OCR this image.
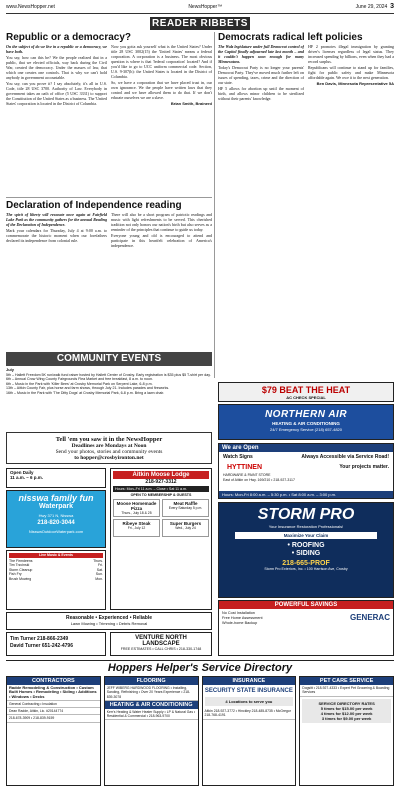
www.NewsHopper.net	NewsHopper™	June 29, 2024 3
READER RIBBETS
Republic or a democracy?

On the subject of do we live in a republic or a democracy, we have both.

You say, how can this be? We the people realized that in a public, that we elected officials, way back during the Civil War, created the democracy. Under the masses of law, that which one creates one controls. That is why we can't hold anybody in government accountable.

You say, can you prove it? I say absolutely, it's all in U.S. Code, title 28 USC 3700. Authority of Law. Everybody in government takes an oath of office (5 USC 3331) to support the Constitution of the United States as a business. The 'United States' corporation is located in the District of Columbia.

Now you gotta ask yourself what is the United States? Under title 28 USC 3002(15) the 'United States' means a federal corporation. A corporation is a business. The most obvious question is where is that 'federal corporation' located? And if you'd like to go to UCC uniform commercial code. Section, U.S. 9-307(h): the United States is located in the District of Columbia.

So, we have a corporation that we have placed trust in, our own ignorance. We the people have written laws that they control and we have allowed them to do that. If we don't educate ourselves we are a slave.

Brian Smith, Brainerd
Democrats radical left policies

The Walz legislature under full Democrat control of the Capitol finally adjourned late last month – and it couldn't happen soon enough for many Minnesotans.

Today's Democrat Party is no longer your parents' Democrat Party. They've moved much further left on issues of spending, taxes, crime and the direction of our state.

HF 5 allows for abortion up until the moment of birth, and allows minor children to be sterilized without their parents' knowledge.

HF 2 promotes illegal immigration by granting driver's licenses regardless of legal status. They increased spending by billions, even when they had a record surplus.

Republicans will continue to stand up for families, fight for public safety and make Minnesota affordable again. We owe it to the next generation.

Ben Davis, Minnesota Representative 5A
Declaration of Independence reading

The spirit of liberty will resonate once again at Fairfield Lake Park as the community gathers for the annual Reading of the Declaration of Independence.

Mark your calendars for Thursday, July 4 at 9:00 a.m. to commemorate the historic moment when our forefathers declared its independence from colonial rule.

There will also be a short program of patriotic readings and music with light refreshments to be served. This cherished tradition not only honors our nation's birth but also serves as a reminder of the principles that continue to guide us today.

Everyone young and old is encouraged to attend and participate in this heartfelt celebration of America's independence.

COMMUNITY EVENTS
July
5th – Hallett Freedom 5K run/walk fund raiser hosted by Hallett Center of Crosby. Early registration is $35 plus $5 T-shirt per day.
6th – Annual Crow Wing County Fairgrounds Flea Market and free breakfast, 8 a.m. to noon.
6th – Music in the Park with 'Killer Bees' at Crosby Memorial Park on Serpent Lake, 6-8 p.m.
13th – Aitkin County Fair, plus horse and farm shows, through July 21. Includes parades and fireworks.
16th – Music in the Park with 'The Ditty Dogs' at Crosby Memorial Park, 6-8 p.m. Bring a lawn chair.
Tell 'em you saw it in the NewsHopper
Deadlines are Mondays at Noon
Send your photos, stories and community events
to hopper@crosbyironton.net
$79 BEAT THE HEAT
AC CHECK SPECIAL
NORTHERN AIR
HEATING & AIR CONDITIONING
24/7 Emergency Service (218) 657-4820
We are Open
Watch Signs	Always Accessible via Service Road!
HYTTINEN	Your projects matter.
HARDWARE & PAINT STORE
East of Aitkin on Hwy. 169/210 • 218-927-3117
Hours: Mon-Fri 8:00 a.m. – 5:30 p.m. • Sat 8:00 a.m. – 3:00 p.m.
Open Daily
11 a.m. – 6 p.m.
nisswa family fun
Waterpark
Hwy 371 N, Nisswa
218-820-3044
NisswaOutdoorWaterpark.com
Aitkin Moose Lodge
218-927-3312
Hours: Mon–Fri 11 a.m. – Close • Sat 11 a.m.
OPEN TO MEMBERSHIP & GUESTS
Moose Homemade Pizza
Thurs., July 18 & 25
Meat Raffle
Every Saturday 5 p.m.
Ribeye Steak
Fri., July 12
Super Burgers
Wed., July 24
STORM PRO
Your Insurance Restoration Professionals!
Maximize Your Claim
• ROOFING
• SIDING
218-665-PROF
Storm Pro Exteriors, Inc. • 100 Harrison Ave, Crosby
Live Music & Events
The Firmdeens	Thurs.
Tim Trzcinski	Fri.
Storm Cleanup	Sat.
Fish Fry	Sun.
Brush Mowing	Mon.
POWERFUL SAVINGS
No Cost Installation
Free Home Assessment
Whole-home Backup
GENERAC
Reasonable • Experienced • Reliable
Lawn Mowing • Trimming • Debris Removal
Tim Turner 218-866-2349
David Turner 651-242-4796
VENTURE NORTH
LANDSCAPE
FREE ESTIMATES • CALL CHRIS • 218-330-1748
Hoppers Helper's Service Directory
CONTRACTORS
Radde Remodeling & Construction • Custom Built Homes • Remodeling • Siding • Additions • Windows • Decks
General Contracting • Insulation
Dean Radde, Aitkin, Lic. #20144774
218-678-3909 • 218-839-9159
FLOORING
JEFF WIBERG HARDWOOD FLOORING • Installing, Sanding, Refinishing • Over 20 Years Experience • 218-839-3078
HEATING & AIR CONDITIONING
Kerr's Heating & Water Heater Supply • LP & Natural Gas • Residential & Commercial • 218-963-9700
INSURANCE
SECURITY STATE INSURANCE
4 Locations to serve you
Aitkin 218-927-3772 • Hinckley 218-485-8735 • McGregor 218-768-4191
PET CARE SERVICE
Dogsitt • 218-927-4333 • Expert Pet Grooming & Boarding Services
SERVICE DIRECTORY RATES
5 times for $15.00 per week
4 times for $12.00 per week
3 times for $9.00 per week
